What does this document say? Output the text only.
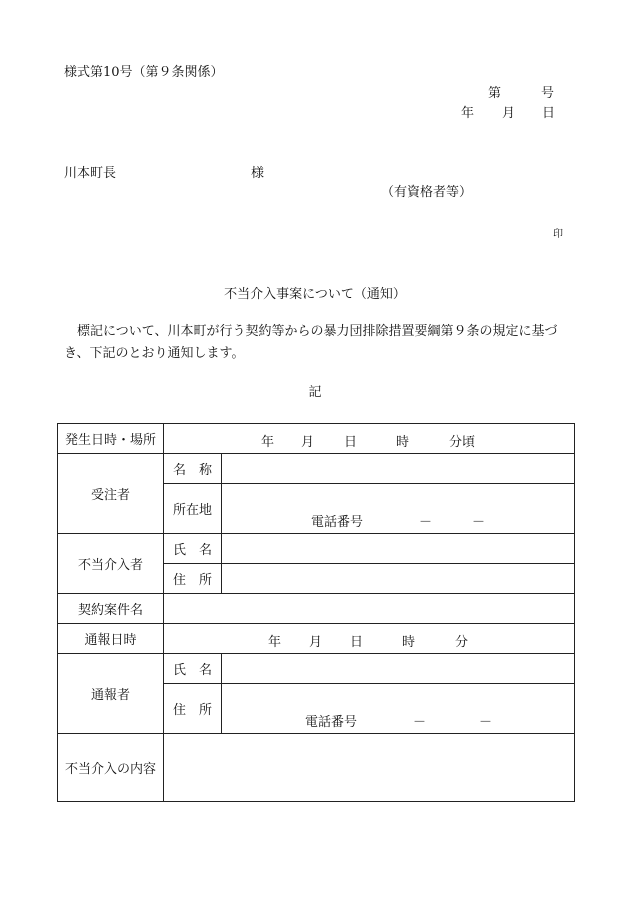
様式第10号（第９条関係）
第	号
年 月 日
川本町長	様
（有資格者等）
印
不当介入事案について（通知）
標記について、川本町が行う契約等からの暴力団排除措置要綱第９条の規定に基づき、下記のとおり通知します。
記
発生日時・場所	年 月 日 時 分頃	

受注者	名　称	
	所在地	電話番号 － －

不当介入者	氏　名	
	住　所	
契約案件名		
通報日時	年 月 日 時 分	

通報者	氏　名	
	住　所	電話番号 － －

不当介入の内容		
